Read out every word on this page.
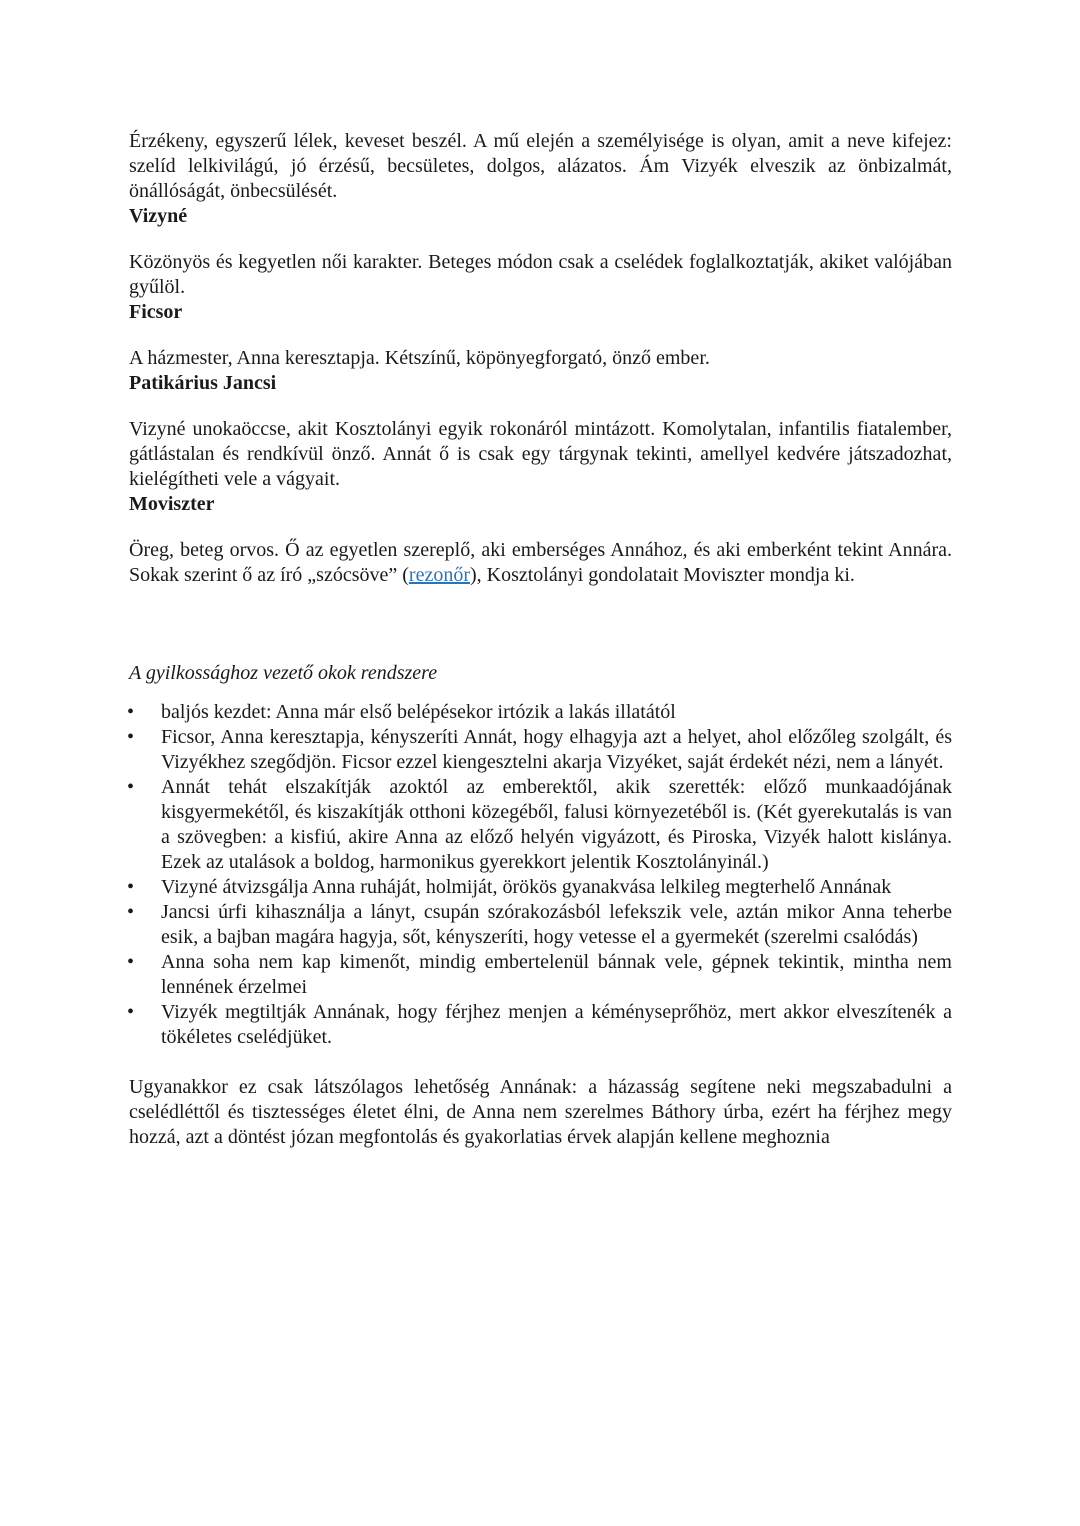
Érzékeny, egyszerű lélek, keveset beszél. A mű elején a személyisége is olyan, amit a neve kifejez: szelíd lelkivilágú, jó érzésű, becsületes, dolgos, alázatos. Ám Vizyék elveszik az önbizalmát, önállóságát, önbecsülését.

Vizyné

Közönyös és kegyetlen női karakter. Beteges módon csak a cselédek foglalkoztatják, akiket valójában gyűlöl.

Ficsor

A házmester, Anna keresztapja. Kétszínű, köpönyegforgató, önző ember.

Patikárius Jancsi

Vizyné unokaöccse, akit Kosztolányi egyik rokonáról mintázott. Komolytalan, infantilis fiatalember, gátlástalan és rendkívül önző. Annát ő is csak egy tárgynak tekinti, amellyel kedvére játszadozhat, kielégítheti vele a vágyait.

Moviszter

Öreg, beteg orvos. Ő az egyetlen szereplő, aki emberséges Annához, és aki emberként tekint Annára. Sokak szerint ő az író „szócsöve” (rezonőr), Kosztolányi gondolatait Moviszter mondja ki.

A gyilkossághoz vezető okok rendszere

• baljós kezdet: Anna már első belépésekor irtózik a lakás illatától
• Ficsor, Anna keresztapja, kényszeríti Annát, hogy elhagyja azt a helyet, ahol előzőleg szolgált, és Vizyékhez szegődjön. Ficsor ezzel kiengesztelni akarja Vizyéket, saját érdekét nézi, nem a lányét.
• Annát tehát elszakítják azoktól az emberektől, akik szerették: előző munkaadójának kisgyermekétől, és kiszakítják otthoni közegéből, falusi környezetéből is. (Két gyerekutalás is van a szövegben: a kisfiú, akire Anna az előző helyén vigyázott, és Piroska, Vizyék halott kislánya. Ezek az utalások a boldog, harmonikus gyerekkort jelentik Kosztolányinál.)
• Vizyné átvizsgálja Anna ruháját, holmiját, örökös gyanakvása lelkileg megterhelő Annának
• Jancsi úrfi kihasználja a lányt, csupán szórakozásból lefekszik vele, aztán mikor Anna teherbe esik, a bajban magára hagyja, sőt, kényszeríti, hogy vetesse el a gyermekét (szerelmi csalódás)
• Anna soha nem kap kimenőt, mindig embertelenül bánnak vele, gépnek tekintik, mintha nem lennének érzelmei
• Vizyék megtiltják Annának, hogy férjhez menjen a kéményseprőhöz, mert akkor elveszítenék a tökéletes cselédjüket.

Ugyanakkor ez csak látszólagos lehetőség Annának: a házasság segítene neki megszabadulni a cselédléttől és tisztességes életet élni, de Anna nem szerelmes Báthory úrba, ezért ha férjhez megy hozzá, azt a döntést józan megfontolás és gyakorlatias érvek alapján kellene meghoznia
